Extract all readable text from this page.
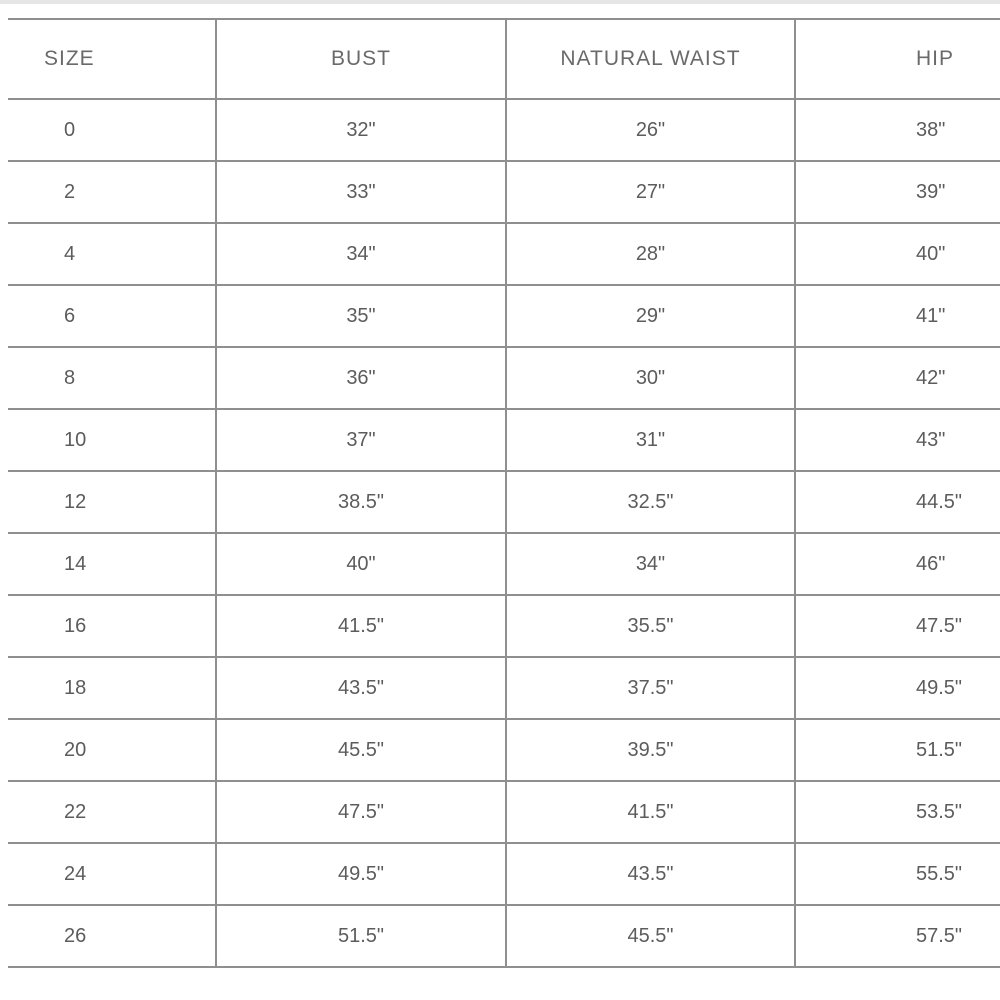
SIZE	BUST	NATURAL WAIST	HIP
0	32"	26"	38"
2	33"	27"	39"
4	34"	28"	40"
6	35"	29"	41"
8	36"	30"	42"
10	37"	31"	43"
12	38.5"	32.5"	44.5"
14	40"	34"	46"
16	41.5"	35.5"	47.5"
18	43.5"	37.5"	49.5"
20	45.5"	39.5"	51.5"
22	47.5"	41.5"	53.5"
24	49.5"	43.5"	55.5"
26	51.5"	45.5"	57.5"
